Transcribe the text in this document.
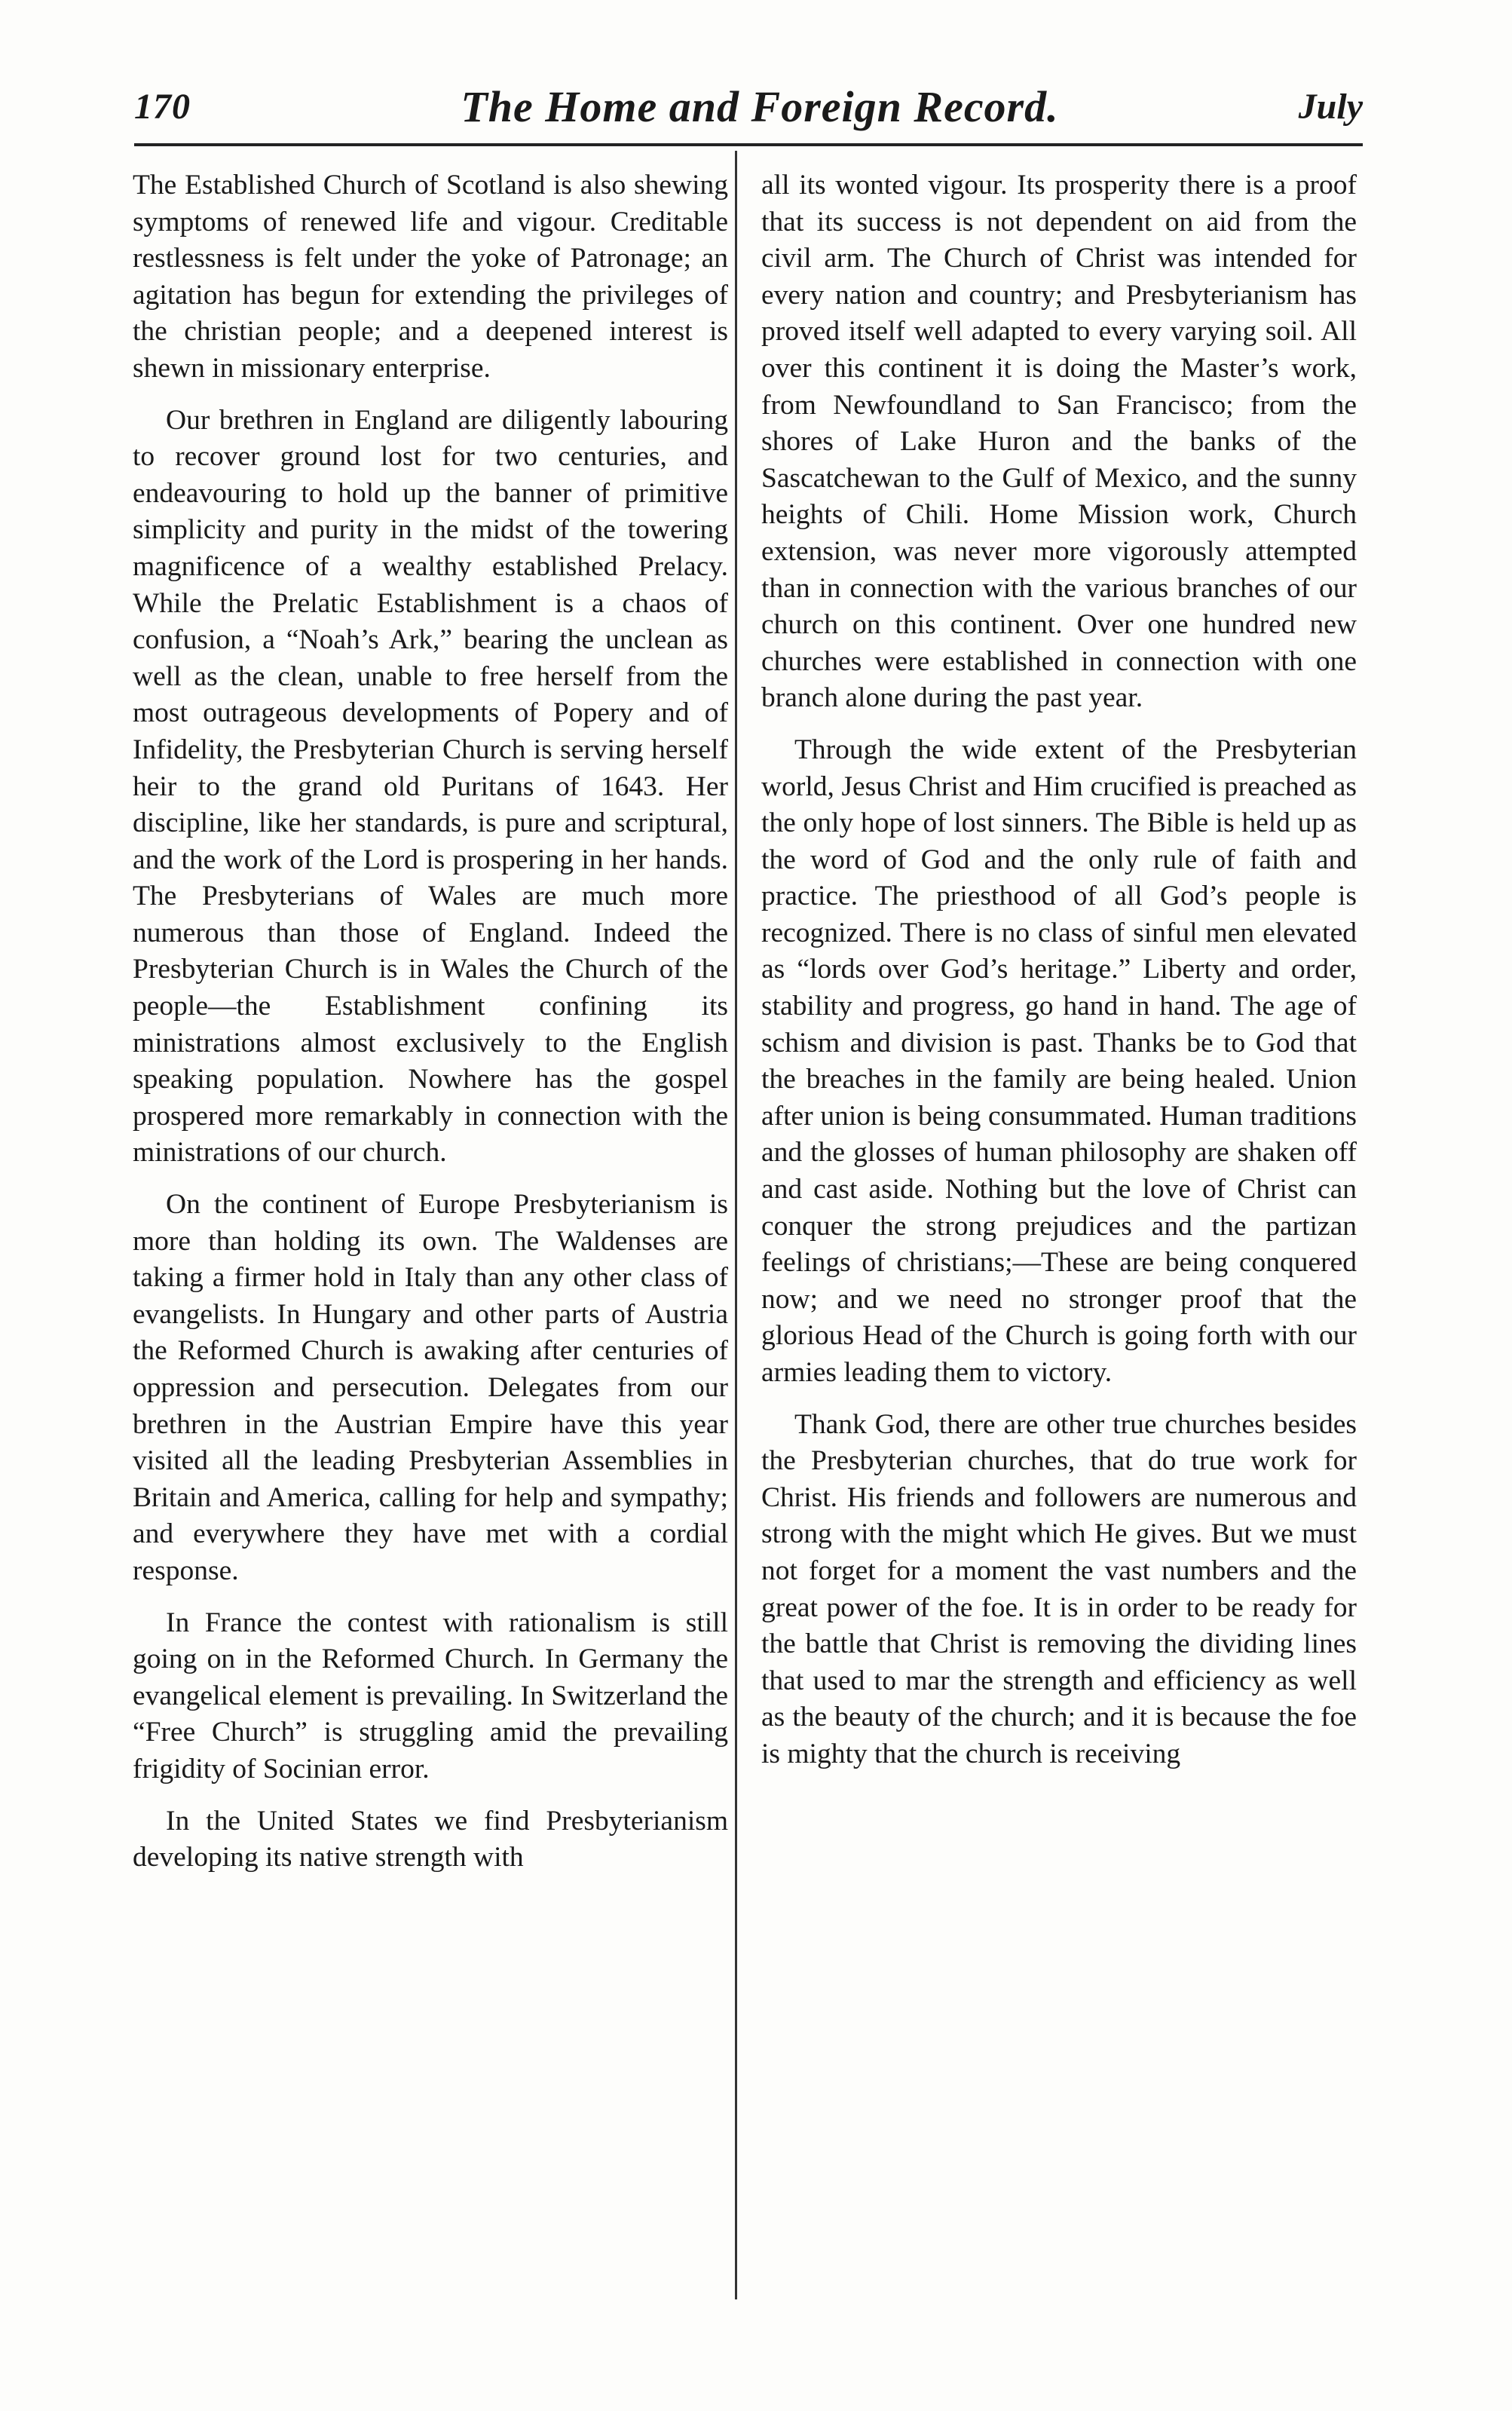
170	The Home and Foreign Record.	July

The Established Church of Scotland is also shewing symptoms of renewed life and vigour. Creditable restlessness is felt under the yoke of Patronage; an agitation has begun for extending the privileges of the christian people; and a deepened interest is shewn in missionary enterprise.

Our brethren in England are diligently labouring to recover ground lost for two centuries, and endeavouring to hold up the banner of primitive simplicity and purity in the midst of the towering magnificence of a wealthy established Prelacy. While the Prelatic Establishment is a chaos of confusion, a “Noah’s Ark,” bearing the unclean as well as the clean, unable to free herself from the most outrageous developments of Popery and of Infidelity, the Presbyterian Church is serving herself heir to the grand old Puritans of 1643. Her discipline, like her standards, is pure and scriptural, and the work of the Lord is prospering in her hands. The Presbyterians of Wales are much more numerous than those of England. Indeed the Presbyterian Church is in Wales the Church of the people—the Establishment confining its ministrations almost exclusively to the English speaking population. Nowhere has the gospel prospered more remarkably in connection with the ministrations of our church.

On the continent of Europe Presbyterianism is more than holding its own. The Waldenses are taking a firmer hold in Italy than any other class of evangelists. In Hungary and other parts of Austria the Reformed Church is awaking after centuries of oppression and persecution. Delegates from our brethren in the Austrian Empire have this year visited all the leading Presbyterian Assemblies in Britain and America, calling for help and sympathy; and everywhere they have met with a cordial response.

In France the contest with rationalism is still going on in the Reformed Church. In Germany the evangelical element is prevailing. In Switzerland the “Free Church” is struggling amid the prevailing frigidity of Socinian error.

In the United States we find Presbyterianism developing its native strength with

all its wonted vigour. Its prosperity there is a proof that its success is not dependent on aid from the civil arm. The Church of Christ was intended for every nation and country; and Presbyterianism has proved itself well adapted to every varying soil. All over this continent it is doing the Master’s work, from Newfoundland to San Francisco; from the shores of Lake Huron and the banks of the Sascatchewan to the Gulf of Mexico, and the sunny heights of Chili. Home Mission work, Church extension, was never more vigorously attempted than in connection with the various branches of our church on this continent. Over one hundred new churches were established in connection with one branch alone during the past year.

Through the wide extent of the Presbyterian world, Jesus Christ and Him crucified is preached as the only hope of lost sinners. The Bible is held up as the word of God and the only rule of faith and practice. The priesthood of all God’s people is recognized. There is no class of sinful men elevated as “lords over God’s heritage.” Liberty and order, stability and progress, go hand in hand. The age of schism and division is past. Thanks be to God that the breaches in the family are being healed. Union after union is being consummated. Human traditions and the glosses of human philosophy are shaken off and cast aside. Nothing but the love of Christ can conquer the strong prejudices and the partizan feelings of christians;—These are being conquered now; and we need no stronger proof that the glorious Head of the Church is going forth with our armies leading them to victory.

Thank God, there are other true churches besides the Presbyterian churches, that do true work for Christ. His friends and followers are numerous and strong with the might which He gives. But we must not forget for a moment the vast numbers and the great power of the foe. It is in order to be ready for the battle that Christ is removing the dividing lines that used to mar the strength and efficiency as well as the beauty of the church; and it is because the foe is mighty that the church is receiving
